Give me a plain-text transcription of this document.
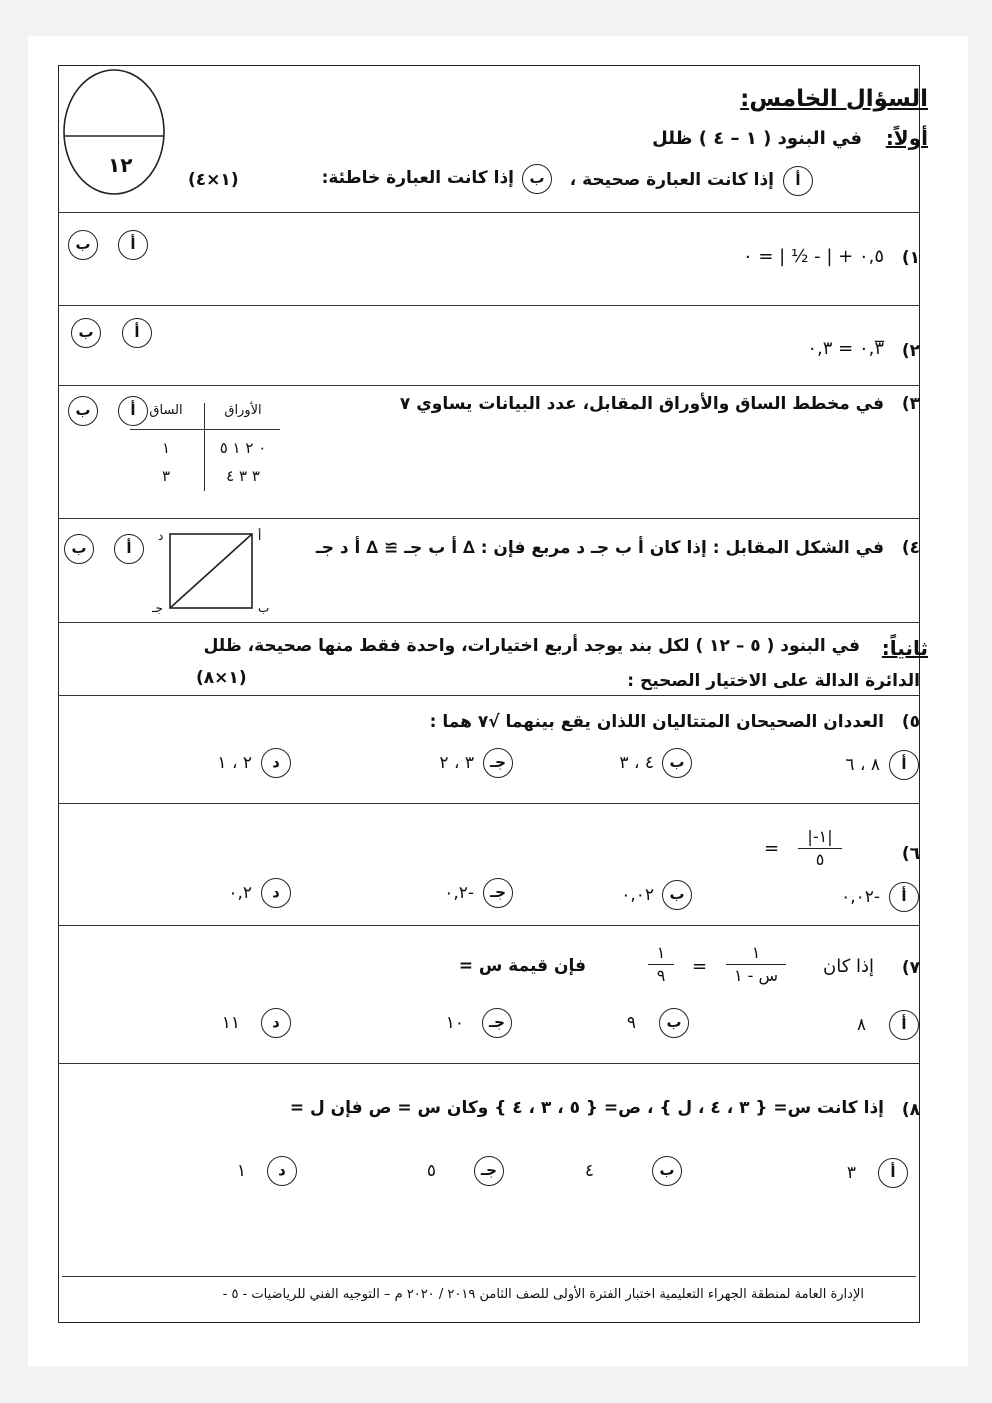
١٢
السؤال الخامس:
أولاً:
في البنود ( ١ – ٤ ) ظلل
أ
إذا كانت العبارة صحيحة ،
ب
إذا كانت العبارة خاطئة:
(١×٤)
١)
٠,٥ + | - ½ | = ٠
أ
ب
٢)
٠,٣̅ = ٠,٣
أ
ب
٣)
في مخطط الساق والأوراق المقابل، عدد البيانات يساوي ٧
أ
ب	الساق	الأوراق
١	٠ ٢ ١ ٥
٣	٣ ٣ ٤
٤)
في الشكل المقابل : إذا كان أ ب جـ د مربع فإن : ∆ أ ب جـ ≅ ∆ أ د جـ
أ
ب
أ
ب
جـ
د
ثانياً:
في البنود ( ٥ – ١٢ ) لكل بند يوجد أربع اختيارات، واحدة فقط منها صحيحة، ظلل
الدائرة الدالة على الاختيار الصحيح :
(١×٨)
٥)
العددان الصحيحان المتتاليان اللذان يقع بينهما √٧ هما :
أ
٨ ، ٦
ب
٤ ، ٣
جـ
٣ ، ٢
د
٢ ، ١
٦)
|-١|
٥
=
أ
-٠,٠٢
ب
٠,٠٢
جـ
-٠,٢
د
٠,٢
٧)
إذا كان
١
س - ١
=
١
٩
فإن قيمة س =
أ
٨
ب
٩
جـ
١٠
د
١١
٨)
إذا كانت س= { ٣ ، ٤ ، ل } ، ص= { ٥ ، ٣ ، ٤ } وكان س = ص فإن ل =
أ
٣
ب
٤
جـ
٥
د
١
الإدارة العامة لمنطقة الجهراء التعليمية اختبار الفترة الأولى للصف الثامن ٢٠١٩ / ٢٠٢٠ م – التوجيه الفني للرياضيات - ٥ -
